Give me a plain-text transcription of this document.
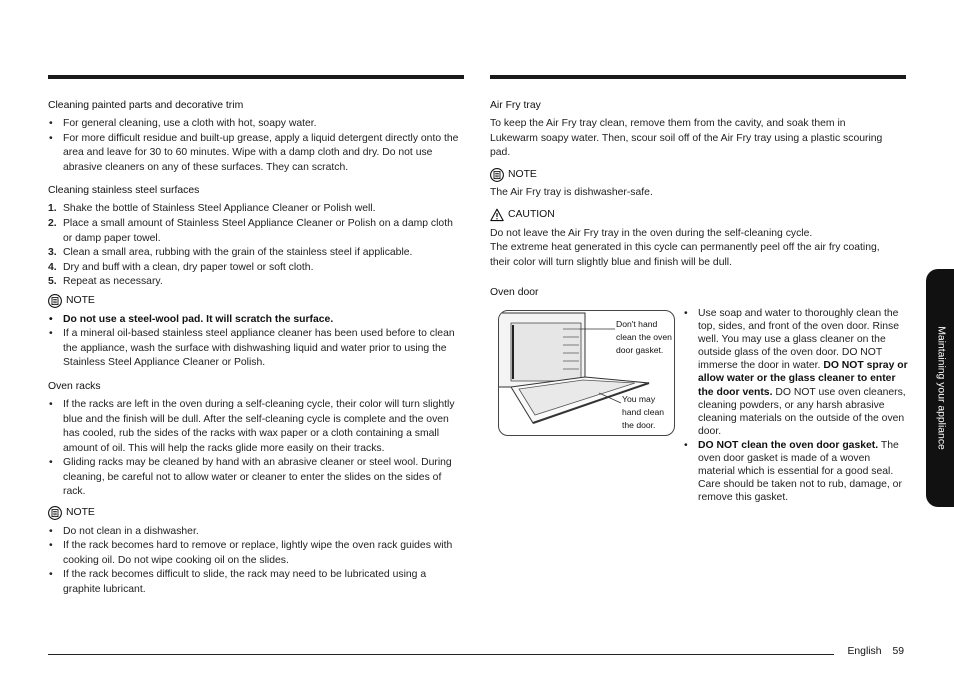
Cleaning painted parts and decorative trim
• For general cleaning, use a cloth with hot, soapy water.
• For more difficult residue and built-up grease, apply a liquid detergent directly onto the area and leave for 30 to 60 minutes. Wipe with a damp cloth and dry. Do not use abrasive cleaners on any of these surfaces. They can scratch.
Cleaning stainless steel surfaces
1. Shake the bottle of Stainless Steel Appliance Cleaner or Polish well.
2. Place a small amount of Stainless Steel Appliance Cleaner or Polish on a damp cloth or damp paper towel.
3. Clean a small area, rubbing with the grain of the stainless steel if applicable.
4. Dry and buff with a clean, dry paper towel or soft cloth.
5. Repeat as necessary.
NOTE
• Do not use a steel-wool pad. It will scratch the surface.
• If a mineral oil-based stainless steel appliance cleaner has been used before to clean the appliance, wash the surface with dishwashing liquid and water prior to using the Stainless Steel Appliance Cleaner or Polish.
Oven racks
• If the racks are left in the oven during a self-cleaning cycle, their color will turn slightly blue and the finish will be dull. After the self-cleaning cycle is complete and the oven has cooled, rub the sides of the racks with wax paper or a cloth containing a small amount of oil. This will help the racks glide more easily on their tracks.
• Gliding racks may be cleaned by hand with an abrasive cleaner or steel wool. During cleaning, be careful not to allow water or cleaner to enter the slides on the sides of rack.
NOTE
• Do not clean in a dishwasher.
• If the rack becomes hard to remove or replace, lightly wipe the oven rack guides with cooking oil. Do not wipe cooking oil on the slides.
• If the rack becomes difficult to slide, the rack may need to be lubricated using a graphite lubricant.
Air Fry tray

To keep the Air Fry tray clean, remove them from the cavity, and soak them in Lukewarm soapy water. Then, scour soil off of the Air Fry tray using a plastic scouring pad.

NOTE

The Air Fry tray is dishwasher-safe.

CAUTION

Do not leave the Air Fry tray in the oven during the self-cleaning cycle.

The extreme heat generated in this cycle can permanently peel off the air fry coating, their color will turn slightly blue and finish will be dull.

Oven door
Don't hand clean the oven door gasket.
You may hand clean the door.
• Use soap and water to thoroughly clean the top, sides, and front of the oven door. Rinse well. You may use a glass cleaner on the outside glass of the oven door. DO NOT immerse the door in water. DO NOT spray or allow water or the glass cleaner to enter the door vents. DO NOT use oven cleaners, cleaning powders, or any harsh abrasive cleaning materials on the outside of the oven door.
• DO NOT clean the oven door gasket. The oven door gasket is made of a woven material which is essential for a good seal. Care should be taken not to rub, damage, or remove this gasket.
Maintaining your appliance
English 59
